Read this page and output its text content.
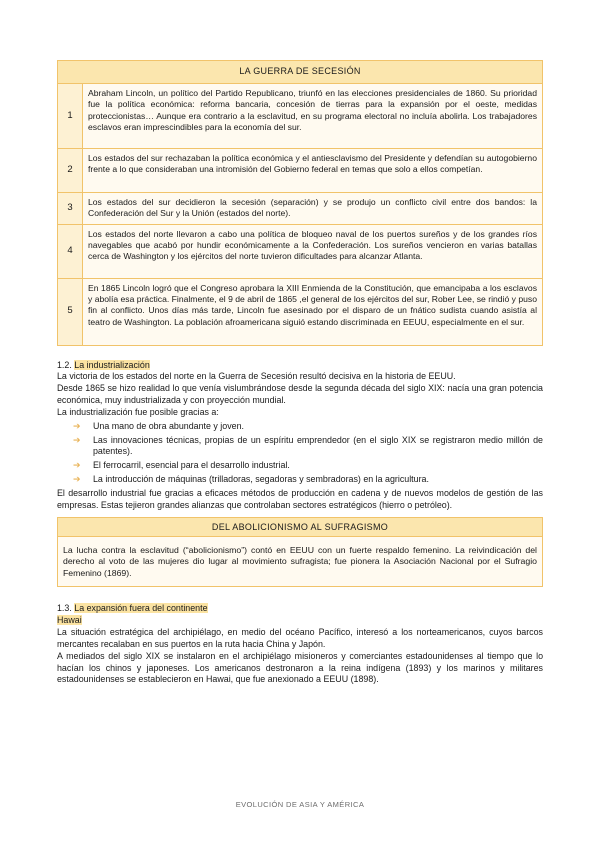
LA GUERRA DE SECESIÓN	
1	Abraham Lincoln, un político del Partido Republicano, triunfó en las elecciones presidenciales de 1860. Su prioridad fue la política económica: reforma bancaria, concesión de tierras para la expansión por el oeste, medidas proteccionistas… Aunque era contrario a la esclavitud, en su programa electoral no incluía abolirla. Los trabajadores esclavos eran imprescindibles para la economía del sur.
2	Los estados del sur rechazaban la política económica y el antiesclavismo del Presidente y defendían su autogobierno frente a lo que consideraban una intromisión del Gobierno federal en temas que solo a ellos competían.
3	Los estados del sur decidieron la secesión (separación) y se produjo un conflicto civil entre dos bandos: la Confederación del Sur y la Unión (estados del norte).
4	Los estados del norte llevaron a cabo una política de bloqueo naval de los puertos sureños y de los grandes ríos navegables que acabó por hundir económicamente a la Confederación. Los sureños vencieron en varias batallas cerca de Washington y los ejércitos del norte tuvieron dificultades para alcanzar Atlanta.
5	En 1865 Lincoln logró que el Congreso aprobara la XIII Enmienda de la Constitución, que emancipaba a los esclavos y abolía esa práctica. Finalmente, el 9 de abril de 1865 ,el general de los ejércitos del sur, Rober Lee, se rindió y puso fin al conflicto. Unos días más tarde, Lincoln fue asesinado por el disparo de un fnático sudista cuando asistía al teatro de Washington. La población afroamericana siguió estando discriminada en EEUU, especialmente en el sur.
1.2. La industrialización

La victoria de los estados del norte en la Guerra de Secesión resultó decisiva en la historia de EEUU.

Desde 1865 se hizo realidad lo que venía vislumbrándose desde la segunda década del siglo XIX: nacía una gran potencia económica, muy industrializada y con proyección mundial.

La industrialización fue posible gracias a:

➔ Una mano de obra abundante y joven.
➔ Las innovaciones técnicas, propias de un espíritu emprendedor (en el siglo XIX se registraron medio millón de patentes).
➔ El ferrocarril, esencial para el desarrollo industrial.
➔ La introducción de máquinas (trilladoras, segadoras y sembradoras) en la agricultura.

El desarrollo industrial fue gracias a eficaces métodos de producción en cadena y de nuevos modelos de gestión de las empresas. Estas tejieron grandes alianzas que controlaban sectores estratégicos (hierro o petróleo).

DEL ABOLICIONISMO AL SUFRAGISMO
La lucha contra la esclavitud (“abolicionismo”) contó en EEUU con un fuerte respaldo femenino. La reivindicación del derecho al voto de las mujeres dio lugar al movimiento sufragista; fue pionera la Asociación Nacional por el Sufragio Femenino (1869).
1.3. La expansión fuera del continente
Hawai

La situación estratégica del archipiélago, en medio del océano Pacífico, interesó a los norteamericanos, cuyos barcos mercantes recalaban en sus puertos en la ruta hacia China y Japón.

A mediados del siglo XIX se instalaron en el archipiélago misioneros y comerciantes estadounidenses al tiempo que lo hacían los chinos y japoneses. Los americanos destronaron a la reina indígena (1893) y los marinos y militares estadounidenses se establecieron en Hawai, que fue anexionado a EEUU (1898).

EVOLUCIÓN DE ASIA Y AMÉRICA
